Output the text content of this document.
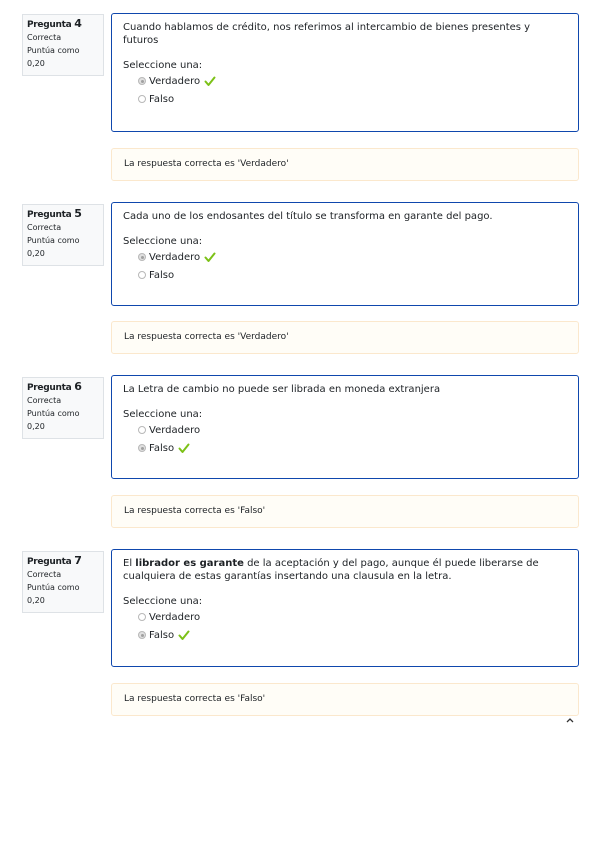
Pregunta 4
Correcta
Puntúa como 0,20
Cuando hablamos de crédito, nos referimos al intercambio de bienes presentes y futuros
Seleccione una:
Verdadero
Falso
La respuesta correcta es 'Verdadero'
Pregunta 5
Correcta
Puntúa como 0,20
Cada uno de los endosantes del título se transforma en garante del pago.
Seleccione una:
Verdadero
Falso
La respuesta correcta es 'Verdadero'
Pregunta 6
Correcta
Puntúa como 0,20
La Letra de cambio no puede ser librada en moneda extranjera
Seleccione una:
Verdadero
Falso
La respuesta correcta es 'Falso'
Pregunta 7
Correcta
Puntúa como 0,20
El librador es garante de la aceptación y del pago, aunque él puede liberarse de cualquiera de estas garantías insertando una clausula en la letra.
Seleccione una:
Verdadero
Falso
La respuesta correcta es 'Falso'
